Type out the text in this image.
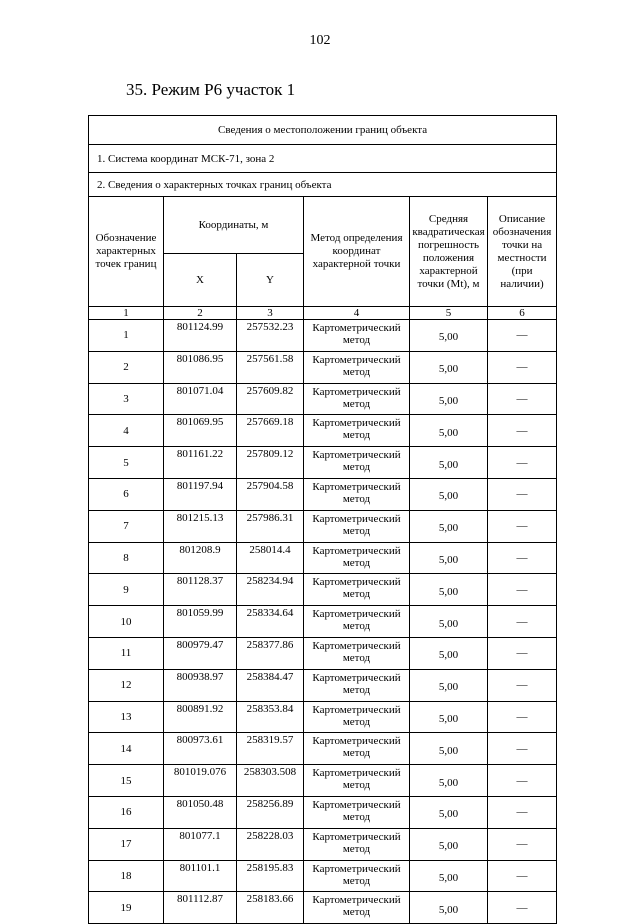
102
35. Режим Р6 участок 1
Сведения о местоположении границ объекта					
1. Система координат МСК-71, зона 2					
2. Сведения о характерных точках границ объекта					
Обозначение характерных точек границ	Координаты, м		Метод определения координат характерной точки	Средняя квадратическая погрешность положения характерной точки (Mt), м	Описание обозначения точки на местности (при наличии)
	X	Y			
1	2	3	4	5	6
1	801124.99	257532.23	Картометрический метод	5,00	—
2	801086.95	257561.58	Картометрический метод	5,00	—
3	801071.04	257609.82	Картометрический метод	5,00	—
4	801069.95	257669.18	Картометрический метод	5,00	—
5	801161.22	257809.12	Картометрический метод	5,00	—
6	801197.94	257904.58	Картометрический метод	5,00	—
7	801215.13	257986.31	Картометрический метод	5,00	—
8	801208.9	258014.4	Картометрический метод	5,00	—
9	801128.37	258234.94	Картометрический метод	5,00	—
10	801059.99	258334.64	Картометрический метод	5,00	—
11	800979.47	258377.86	Картометрический метод	5,00	—
12	800938.97	258384.47	Картометрический метод	5,00	—
13	800891.92	258353.84	Картометрический метод	5,00	—
14	800973.61	258319.57	Картометрический метод	5,00	—
15	801019.076	258303.508	Картометрический метод	5,00	—
16	801050.48	258256.89	Картометрический метод	5,00	—
17	801077.1	258228.03	Картометрический метод	5,00	—
18	801101.1	258195.83	Картометрический метод	5,00	—
19	801112.87	258183.66	Картометрический метод	5,00	—
